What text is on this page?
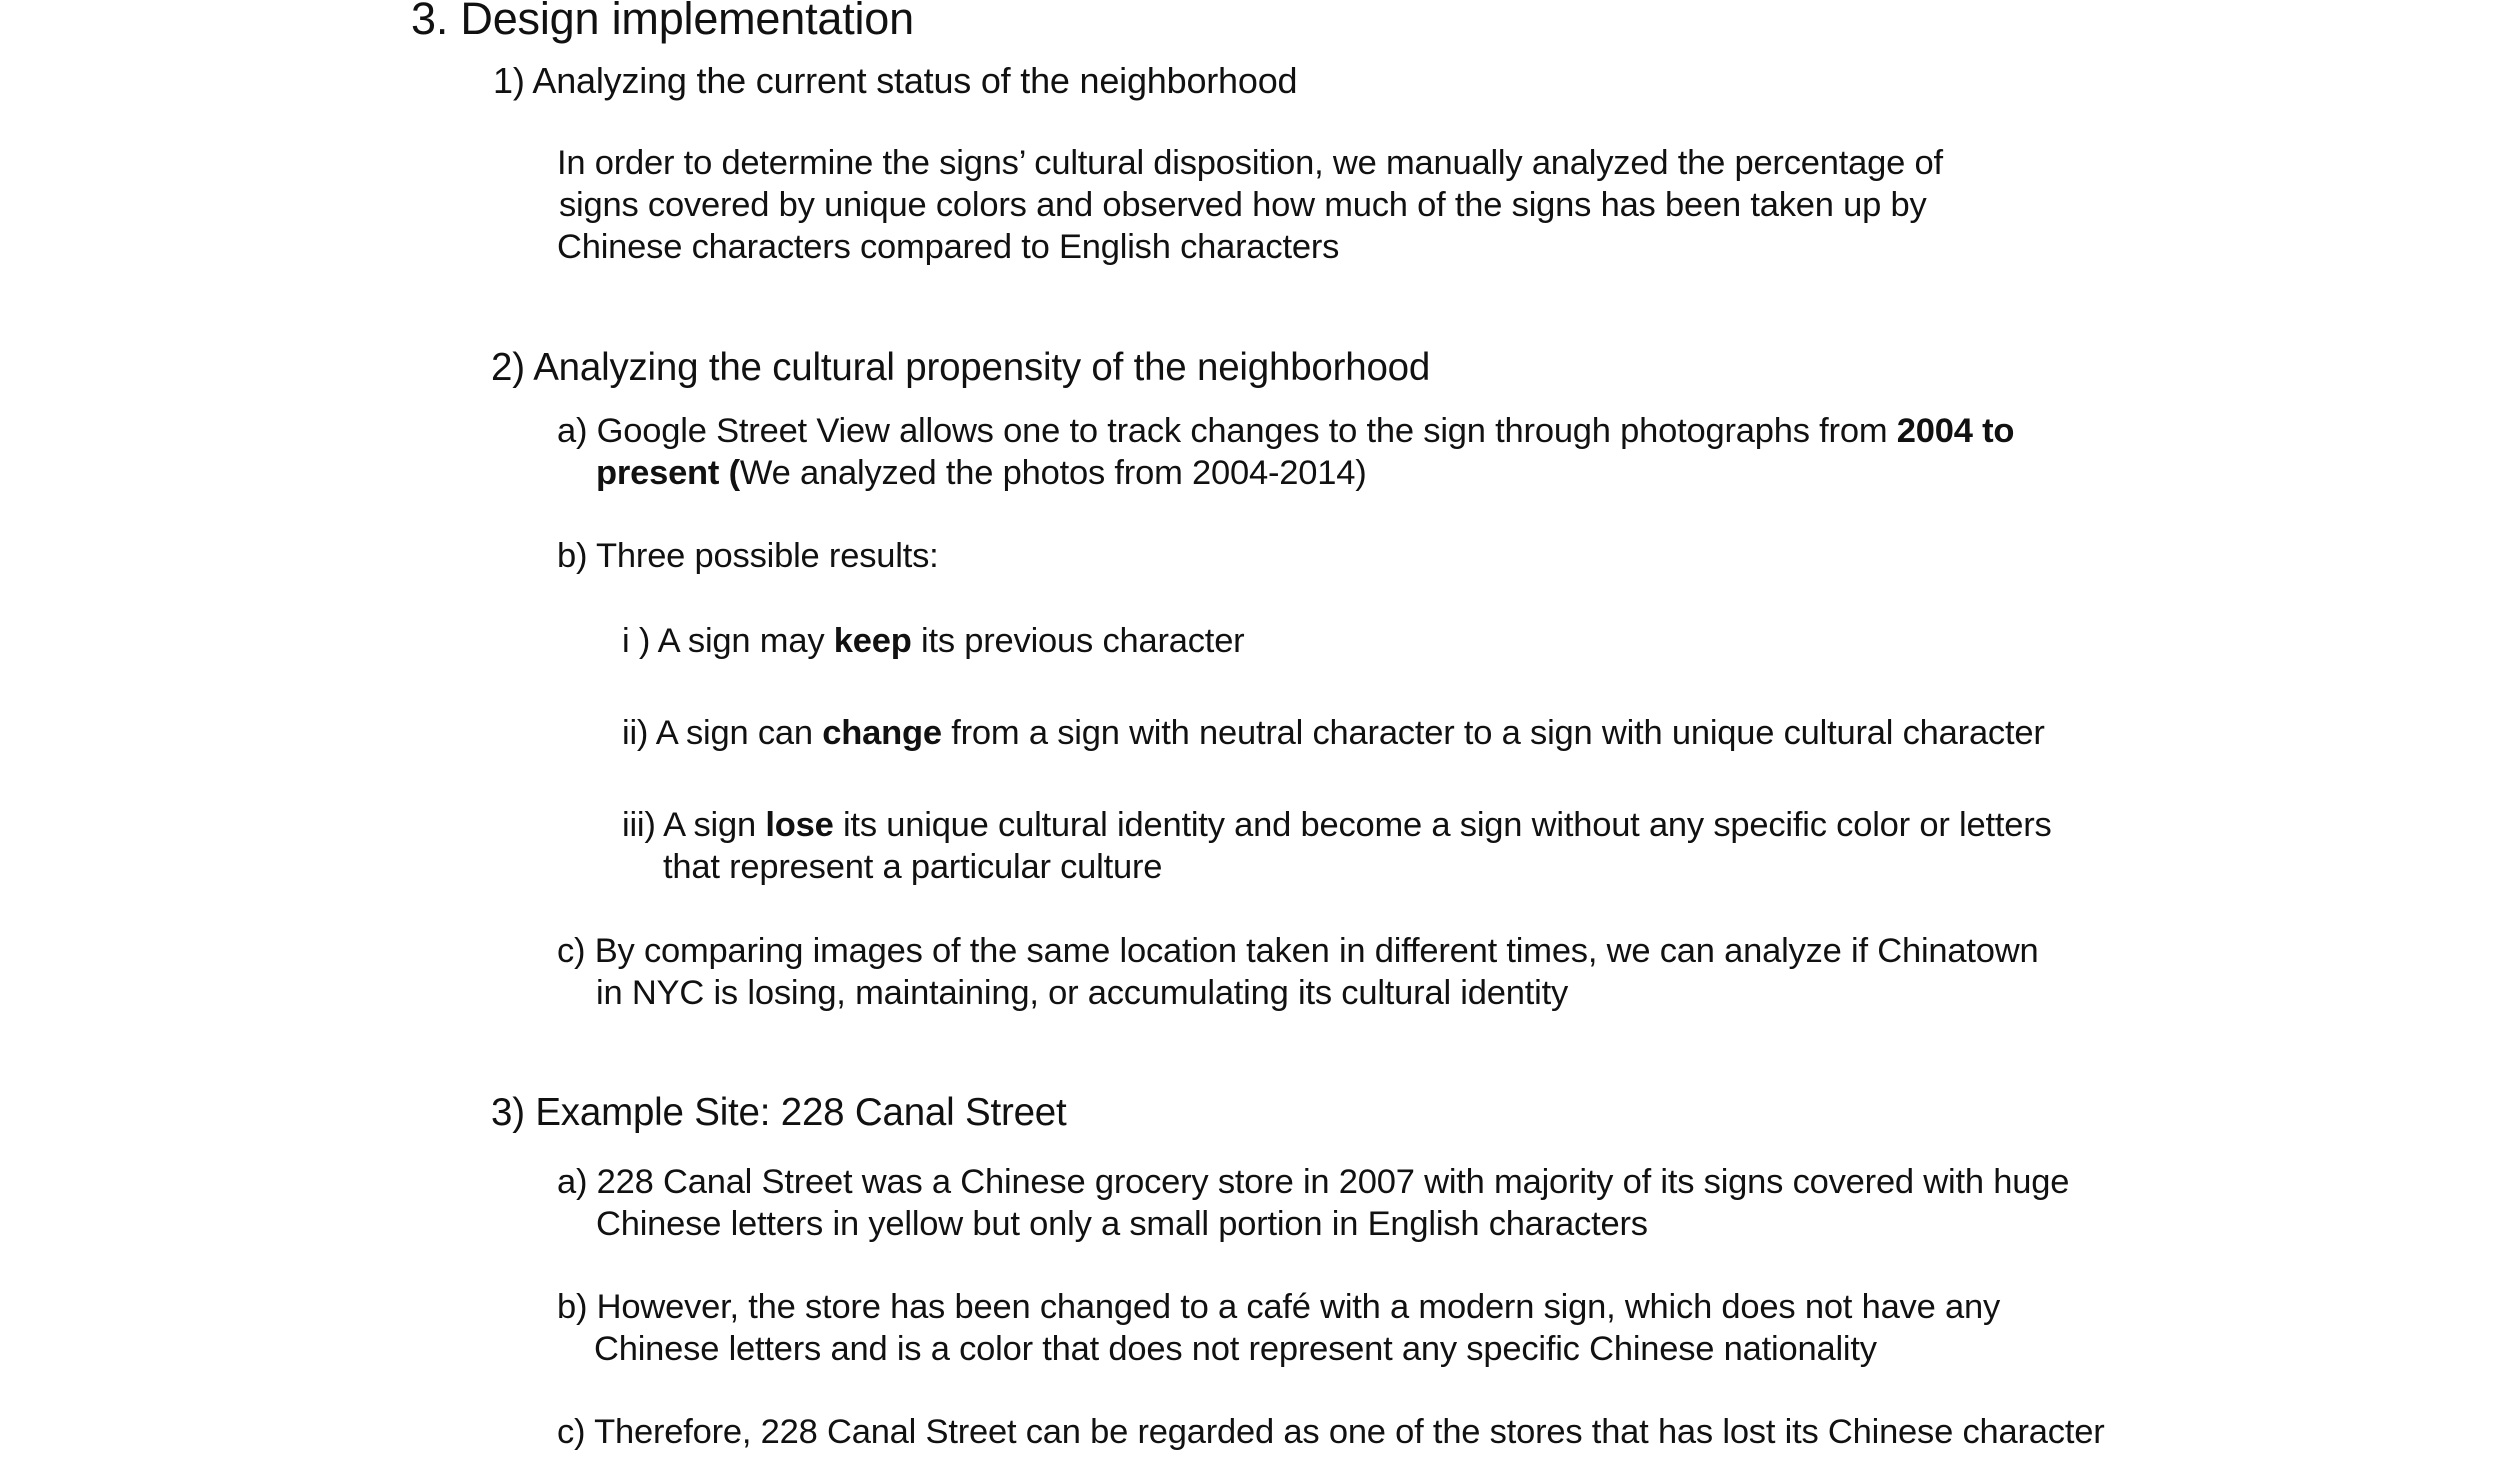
3. Design implementation
1) Analyzing the current status of the neighborhood
In order to determine the signs’ cultural disposition, we manually analyzed the percentage of
signs covered by unique colors and observed how much of the signs has been taken up by
Chinese characters compared to English characters
2) Analyzing the cultural propensity of the neighborhood
a) Google Street View allows one to track changes to the sign through photographs from 2004 to
present (We analyzed the photos from 2004-2014)
b) Three possible results:
i ) A sign may keep its previous character
ii) A sign can change from a sign with neutral character to a sign with unique cultural character
iii) A sign lose its unique cultural identity and become a sign without any specific color or letters
that represent a particular culture
c) By comparing images of the same location taken in different times, we can analyze if Chinatown
in NYC is losing, maintaining, or accumulating its cultural identity
3) Example Site: 228 Canal Street
a) 228 Canal Street was a Chinese grocery store in 2007 with majority of its signs covered with huge
Chinese letters in yellow but only a small portion in English characters
b) However, the store has been changed to a café with a modern sign, which does not have any
Chinese letters and is a color that does not represent any specific Chinese nationality
c) Therefore, 228 Canal Street can be regarded as one of the stores that has lost its Chinese character
